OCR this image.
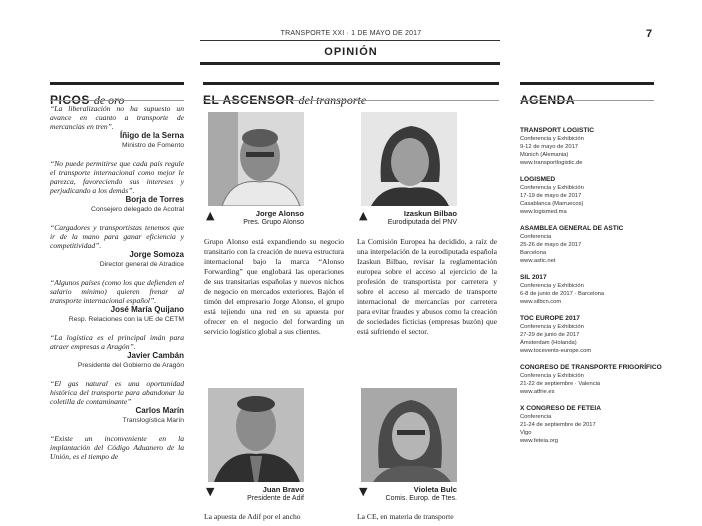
TRANSPORTE XXI · 1 DE MAYO DE 2017	7
OPINIÓN
PICOS de oro	EL ASCENSOR del transporte	AGENDA

“La liberalización no ha supuesto un avance en cuanto a transporte de mercancías en tren”.

Íñigo de la Serna

Ministro de Fomento

“No puede permitirse que cada país regule el transporte internacional como mejor le parezca, favoreciendo sus intereses y perjudicando a los demás”.

Borja de Torres

Consejero delegado de Acotral

“Cargadores y transportistas tenemos que ir de la mano para ganar eficiencia y competitividad”.

Jorge Somoza

Director general de Atradice

“Algunos países (como los que defienden el salario mínimo) quieren frenar al transporte internacional español”.

José María Quijano

Resp. Relaciones con la UE de CETM

“La logística es el principal imán para atraer empresas a Aragón”.

Javier Cambán

Presidente del Gobierno de Aragón

“El gas natural es una oportunidad histórica del transporte para abandonar la coletilla de contaminante”

Carlos Marín

Translogística Marín

“Existe un inconveniente en la implantación del Código Aduanero de la Unión, es el tiempo de

▲	Jorge Alonso
Pres. Grupo Alonso
▲	Izaskun Bilbao
Eurodiputada del PNV
▼	Juan Bravo
Presidente de Adif
▼	Violeta Bulc
Comis. Europ. de Ttes.

Grupo Alonso está expandiendo su negocio transitario con la creación de nueva estructura internacional bajo la marca “Alonso Forwarding” que englobará las operaciones de sus transitarias españolas y nuevos nichos de negocio en mercados exteriores. Bajón el timón del empresario Jorge Alonso, el grupo está tejiendo una red en su apuesta por ofrecer en el negocio del forwarding un servicio logístico global a sus clientes.

La Comisión Europea ha decidido, a raíz de una interpelación de la eurodiputada española Izaskun Bilbao, revisar la reglamentación europea sobre el acceso al ejercicio de la profesión de transportista por carretera y sobre el acceso al mercado de transporte internacional de mercancías por carretera para evitar fraudes y abusos como la creación de sociedades ficticias (empresas buzón) que está sufriendo el sector.

La apuesta de Adif por el ancho	La CE, en materia de transporte

TRANSPORT LOGISTIC
Conferencia y Exhibición
9-12 de mayo de 2017
Múnich (Alemania)
www.transportlogistic.de
LOGISMED
Conferencia y Exhibición
17-19 de mayo de 2017
Casablanca (Marruecos)
www.logismed.ma
ASAMBLEA GENERAL DE ASTIC
Conferencia
25-26 de mayo de 2017
Barcelona
www.astic.net
SIL 2017
Conferencia y Exhibición
6-8 de junio de 2017 · Barcelona
www.silbcn.com
TOC EUROPE 2017
Conferencia y Exhibición
27-29 de junio de 2017
Ámsterdam (Holanda)
www.tocevents-europe.com
CONGRESO DE TRANSPORTE FRIGORÍFICO
Conferencia y Exhibición
21-22 de septiembre · Valencia
www.atfrie.es
X CONGRESO DE FETEIA
Conferencia
21-24 de septiembre de 2017
Vigo
www.feteia.org
